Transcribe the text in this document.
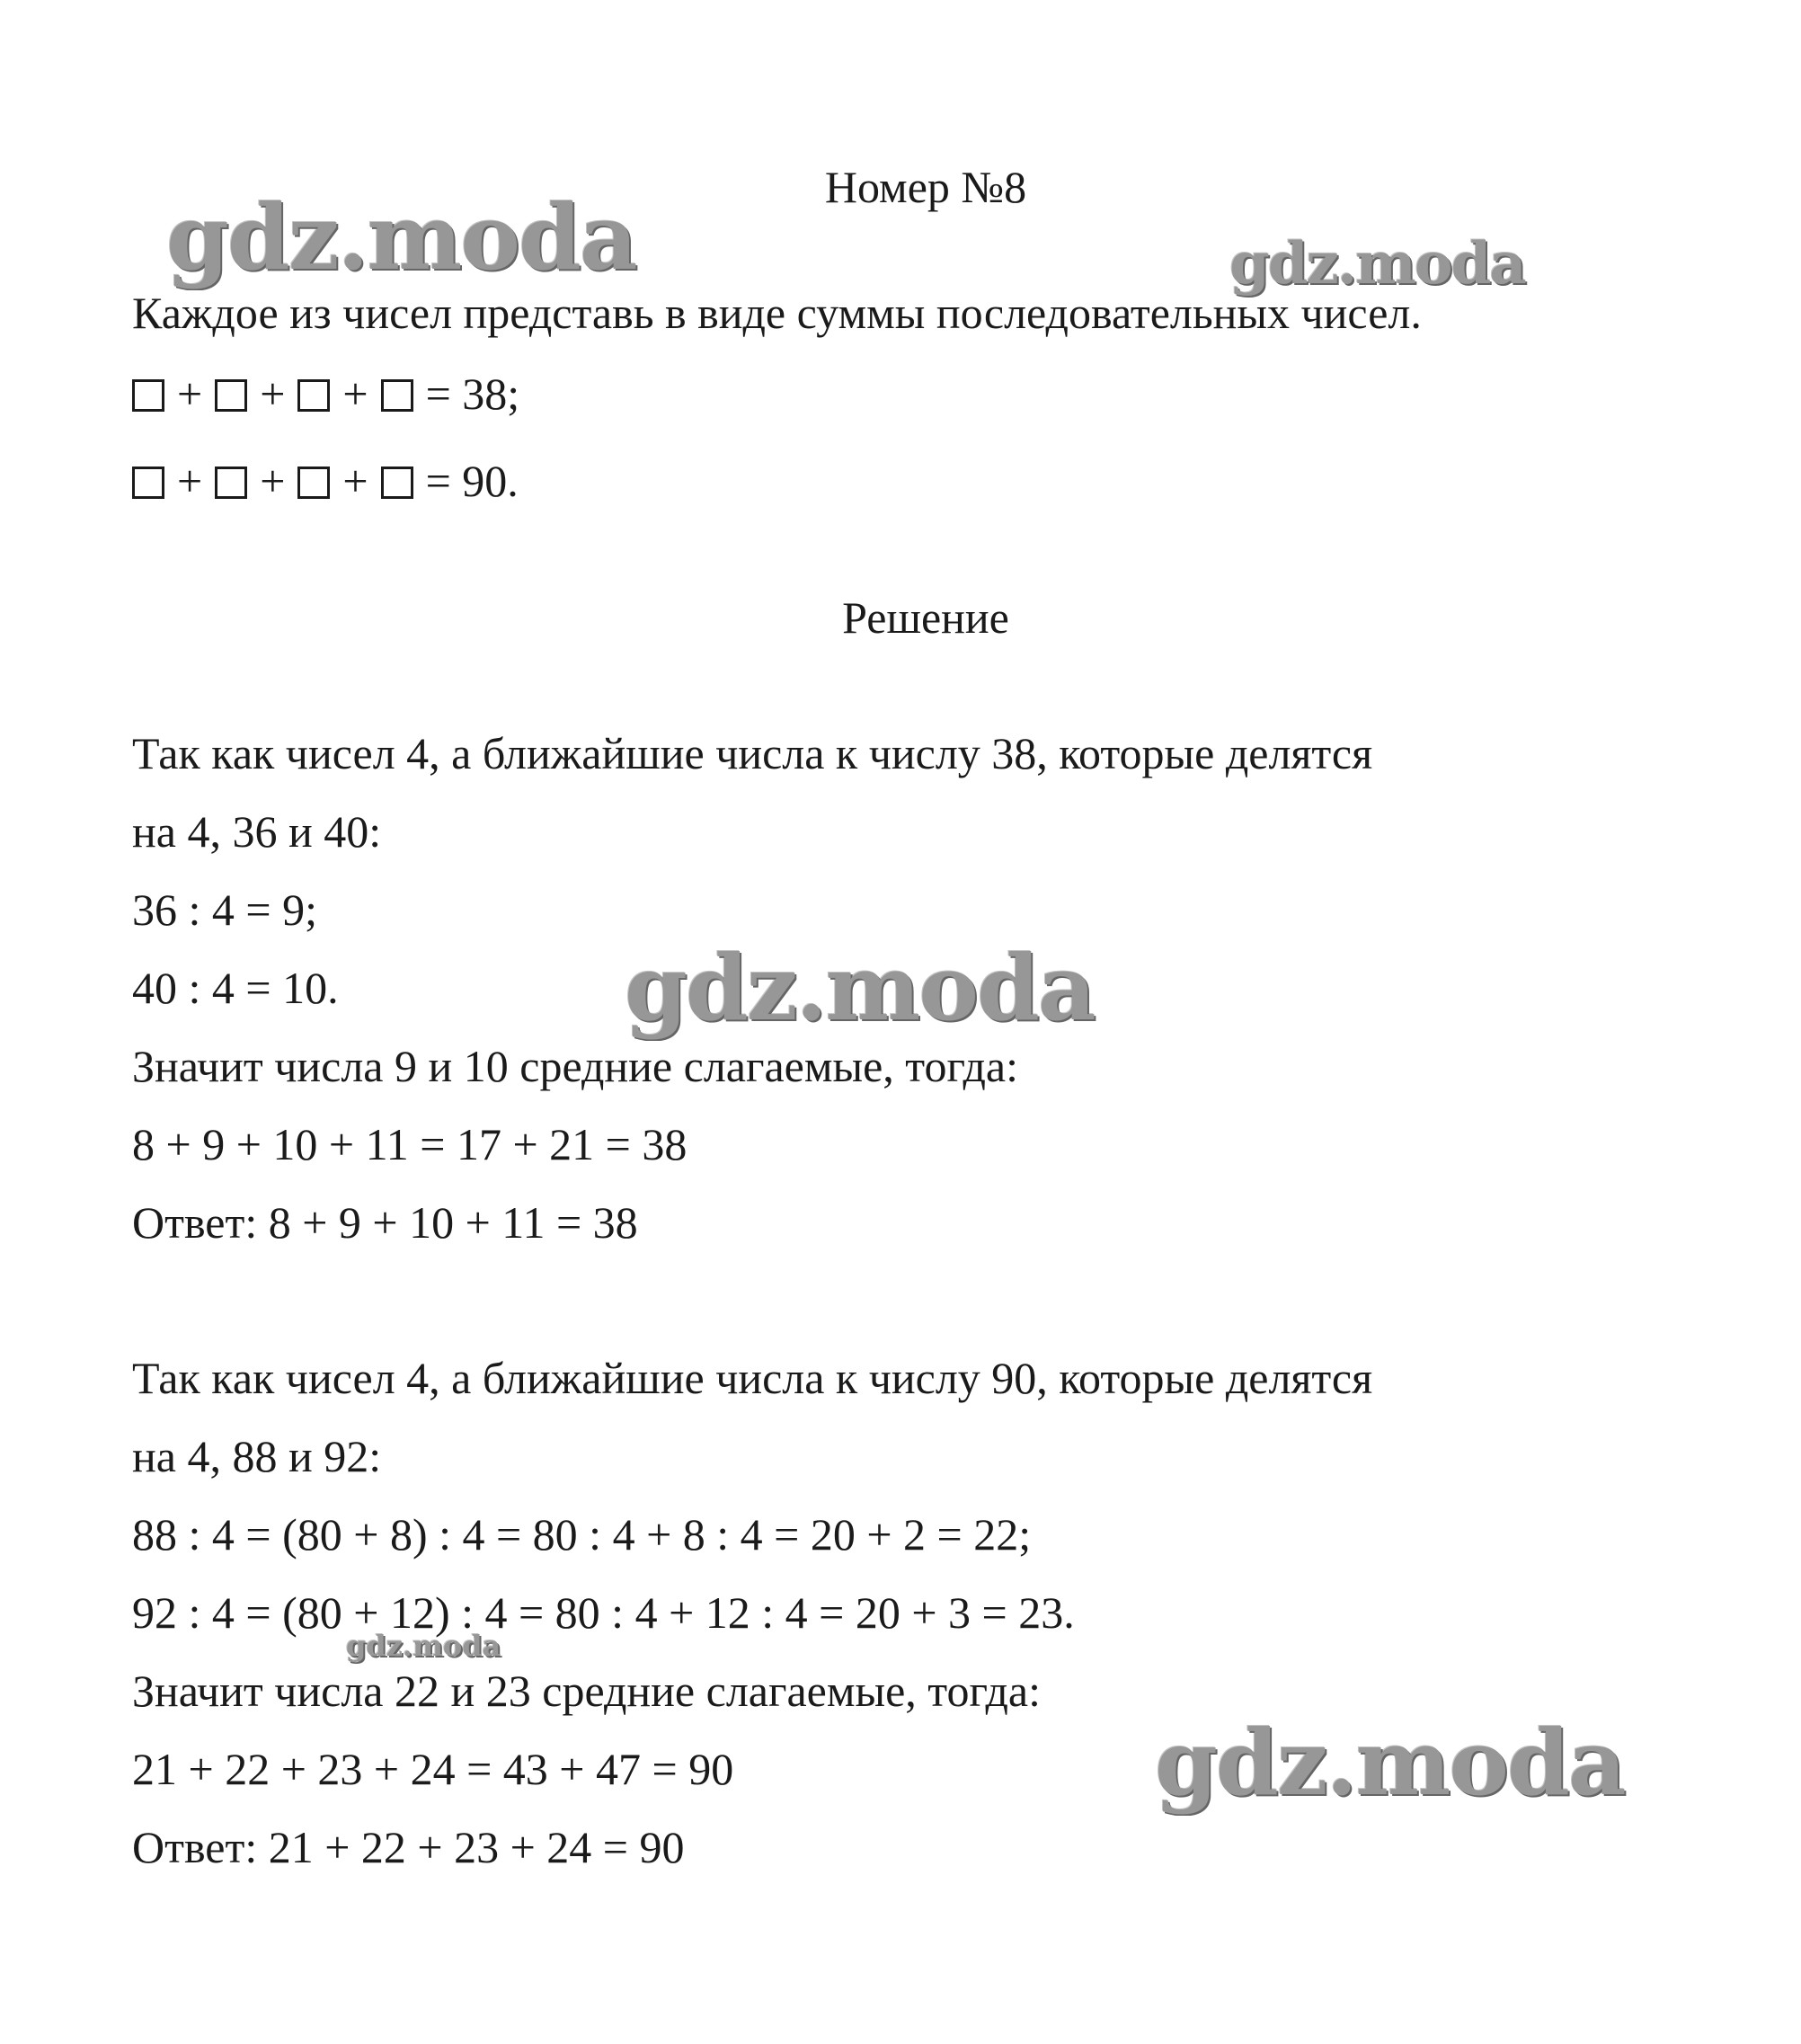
Номер №8
Каждое из чисел представь в виде суммы последовательных чисел.
+ + + = 38;
+ + + = 90.
Решение
Так как чисел 4, а ближайшие числа к числу 38, которые делятся
на 4, 36 и 40:
36 : 4 = 9;
40 : 4 = 10.
Значит числа 9 и 10 средние слагаемые, тогда:
8 + 9 + 10 + 11 = 17 + 21 = 38
Ответ: 8 + 9 + 10 + 11 = 38
Так как чисел 4, а ближайшие числа к числу 90, которые делятся
на 4, 88 и 92:
88 : 4 = (80 + 8) : 4 = 80 : 4 + 8 : 4 = 20 + 2 = 22;
92 : 4 = (80 + 12) : 4 = 80 : 4 + 12 : 4 = 20 + 3 = 23.
Значит числа 22 и 23 средние слагаемые, тогда:
21 + 22 + 23 + 24 = 43 + 47 = 90
Ответ: 21 + 22 + 23 + 24 = 90
gdz.moda	gdz.moda
gdz.moda
gdz.moda
gdz.moda
